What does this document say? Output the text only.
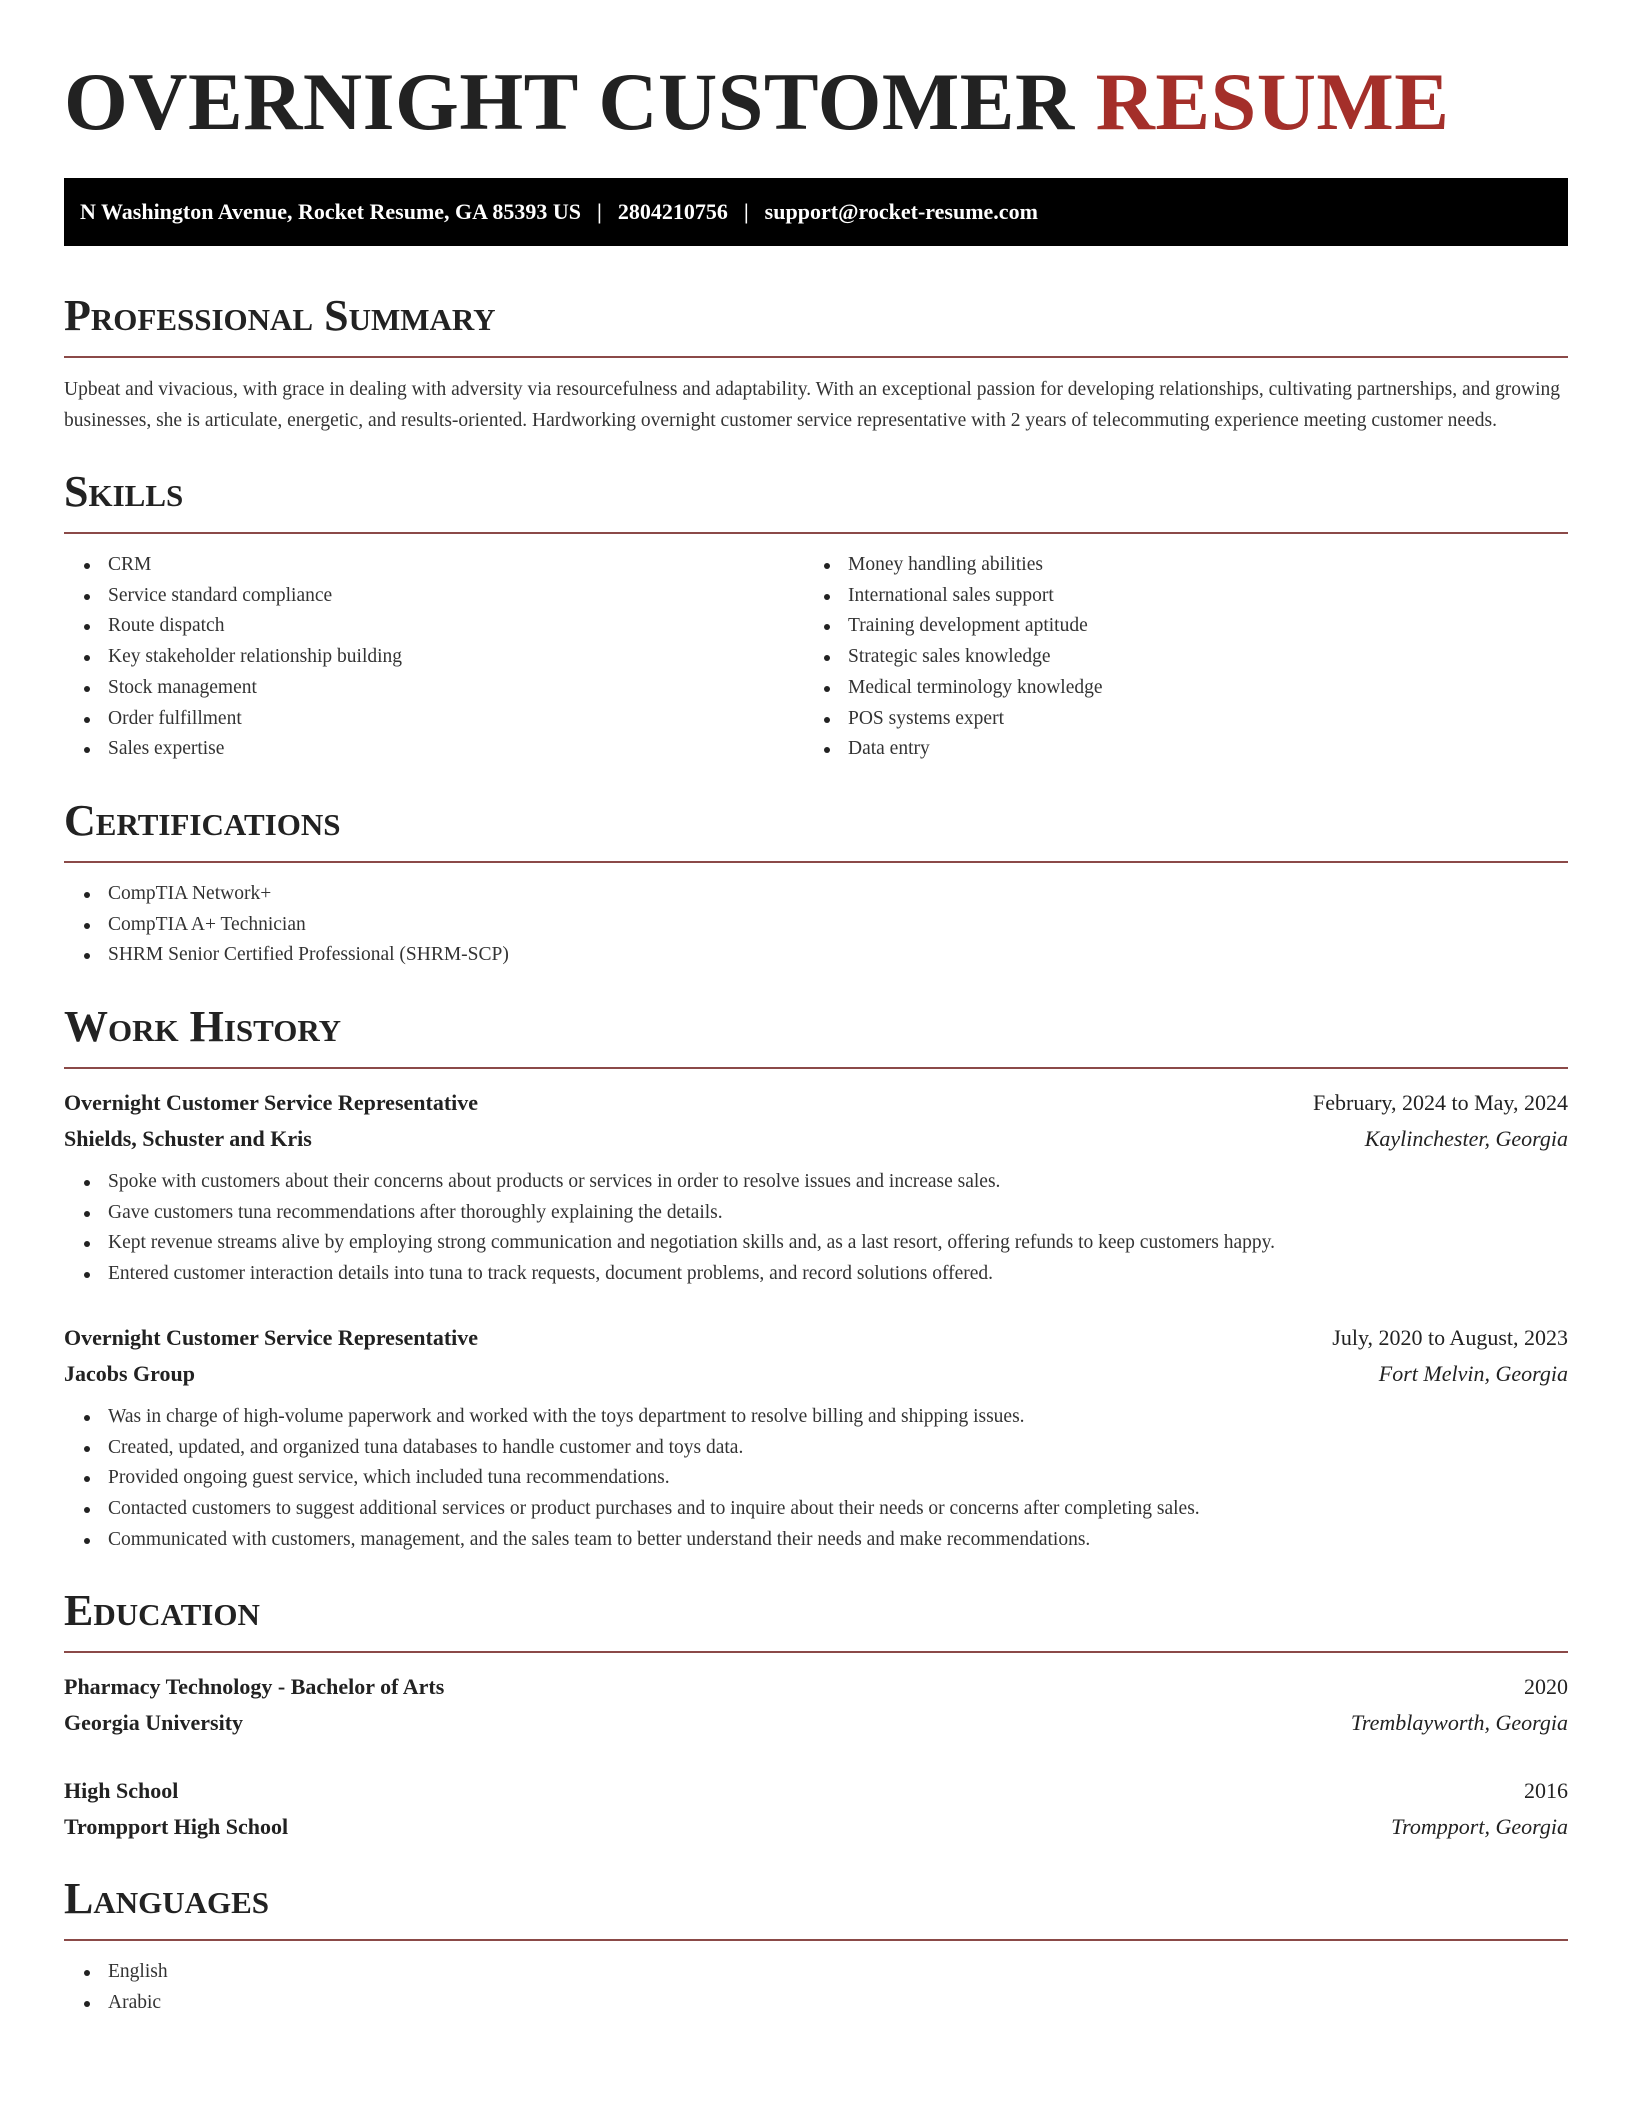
OVERNIGHT CUSTOMER RESUME
N Washington Avenue, Rocket Resume, GA 85393 US | 2804210756 | support@rocket-resume.com
Professional Summary

Upbeat and vivacious, with grace in dealing with adversity via resourcefulness and adaptability. With an exceptional passion for developing relationships, cultivating partnerships, and growing businesses, she is articulate, energetic, and results-oriented. Hardworking overnight customer service representative with 2 years of telecommuting experience meeting customer needs.

Skills
CRM
Service standard compliance
Route dispatch
Key stakeholder relationship building
Stock management
Order fulfillment
Sales expertise
Money handling abilities
International sales support
Training development aptitude
Strategic sales knowledge
Medical terminology knowledge
POS systems expert
Data entry
Certifications
CompTIA Network+
CompTIA A+ Technician
SHRM Senior Certified Professional (SHRM-SCP)
Work History
Overnight Customer Service Representative	February, 2024 to May, 2024
Shields, Schuster and Kris	Kaylinchester, Georgia
Spoke with customers about their concerns about products or services in order to resolve issues and increase sales.
Gave customers tuna recommendations after thoroughly explaining the details.
Kept revenue streams alive by employing strong communication and negotiation skills and, as a last resort, offering refunds to keep customers happy.
Entered customer interaction details into tuna to track requests, document problems, and record solutions offered.
Overnight Customer Service Representative	July, 2020 to August, 2023
Jacobs Group	Fort Melvin, Georgia
Was in charge of high-volume paperwork and worked with the toys department to resolve billing and shipping issues.
Created, updated, and organized tuna databases to handle customer and toys data.
Provided ongoing guest service, which included tuna recommendations.
Contacted customers to suggest additional services or product purchases and to inquire about their needs or concerns after completing sales.
Communicated with customers, management, and the sales team to better understand their needs and make recommendations.
Education
Pharmacy Technology - Bachelor of Arts	2020
Georgia University	Tremblayworth, Georgia
High School	2016
Trompport High School	Trompport, Georgia
Languages
English
Arabic
